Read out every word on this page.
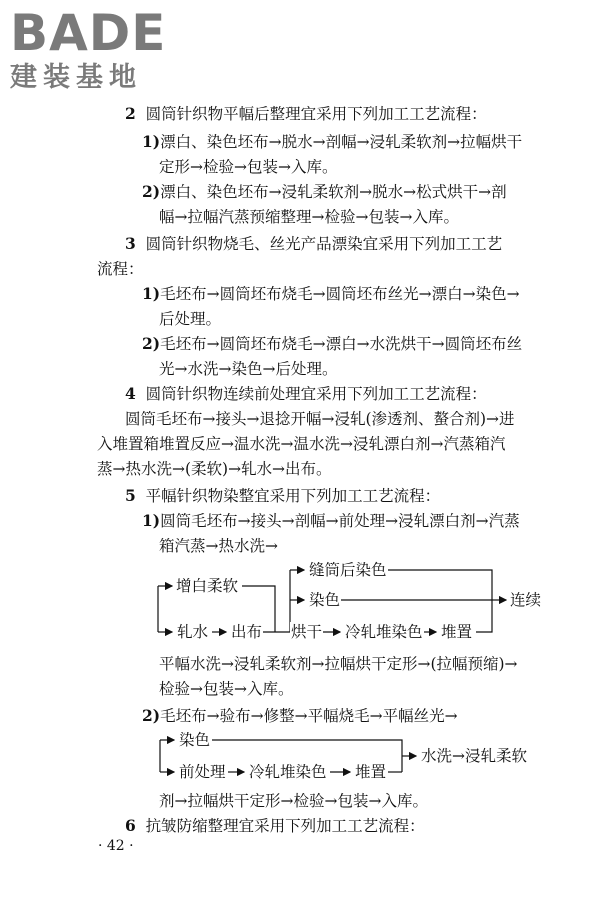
BADE
建装基地
2 圆筒针织物平幅后整理宜采用下列加工工艺流程：
1)漂白、染色坯布→脱水→剖幅→浸轧柔软剂→拉幅烘干
定形→检验→包装→入库。
2)漂白、染色坯布→浸轧柔软剂→脱水→松式烘干→剖
幅→拉幅汽蒸预缩整理→检验→包装→入库。
3 圆筒针织物烧毛、丝光产品漂染宜采用下列加工工艺
流程：
1)毛坯布→圆筒坯布烧毛→圆筒坯布丝光→漂白→染色→
后处理。
2)毛坯布→圆筒坯布烧毛→漂白→水洗烘干→圆筒坯布丝
光→水洗→染色→后处理。
4 圆筒针织物连续前处理宜采用下列加工工艺流程：
圆筒毛坯布→接头→退捻开幅→浸轧(渗透剂、螯合剂)→进
入堆置箱堆置反应→温水洗→温水洗→浸轧漂白剂→汽蒸箱汽
蒸→热水洗→(柔软)→轧水→出布。
5 平幅针织物染整宜采用下列加工工艺流程：
1)圆筒毛坯布→接头→剖幅→前处理→浸轧漂白剂→汽蒸
箱汽蒸→热水洗→
增白柔软
轧水 出布
缝筒后染色
染色
烘干 冷轧堆染色 堆置
连续
平幅水洗→浸轧柔软剂→拉幅烘干定形→(拉幅预缩)→
检验→包装→入库。
2)毛坯布→验布→修整→平幅烧毛→平幅丝光→
染色
前处理 冷轧堆染色 堆置
水洗→浸轧柔软
剂→拉幅烘干定形→检验→包装→入库。
6 抗皱防缩整理宜采用下列加工工艺流程：
· 42 ·
